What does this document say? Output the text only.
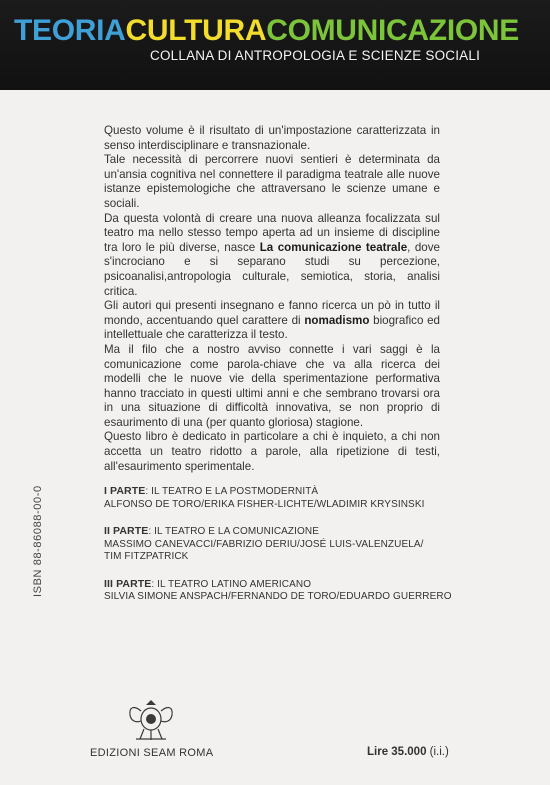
TEORIACULTURACOMUNICAZIONE
COLLANA DI ANTROPOLOGIA E SCIENZE SOCIALI

Questo volume è il risultato di un'impostazione caratterizzata in senso interdisciplinare e transnazionale.

Tale necessità di percorrere nuovi sentieri è determinata da un'ansia cognitiva nel connettere il paradigma teatrale alle nuove istanze epistemologiche che attraversano le scienze umane e sociali.

Da questa volontà di creare una nuova alleanza focalizzata sul teatro ma nello stesso tempo aperta ad un insieme di discipline tra loro le più diverse, nasce La comunicazione teatrale, dove s'incrociano e si separano studi su percezione, psicoanalisi,antropologia culturale, semiotica, storia, analisi critica.

Gli autori qui presenti insegnano e fanno ricerca un pò in tutto il mondo, accentuando quel carattere di nomadismo biografico ed intellettuale che caratterizza il testo.

Ma il filo che a nostro avviso connette i vari saggi è la comunicazione come parola-chiave che va alla ricerca dei modelli che le nuove vie della sperimentazione performativa hanno tracciato in questi ultimi anni e che sembrano trovarsi ora in una situazione di difficoltà innovativa, se non proprio di esaurimento di una (per quanto gloriosa) stagione.

Questo libro è dedicato in particolare a chi è inquieto, a chi non accetta un teatro ridotto a parole, alla ripetizione di testi, all'esaurimento sperimentale.

ISBN 88-86088-00-0	I PARTE: IL TEATRO E LA POSTMODERNITÀ
ALFONSO DE TORO/ERIKA FISHER-LICHTE/WLADIMIR KRYSINSKI
II PARTE: IL TEATRO E LA COMUNICAZIONE
MASSIMO CANEVACCI/FABRIZIO DERIU/JOSÉ LUIS-VALENZUELA/
TIM FITZPATRICK
III PARTE: IL TEATRO LATINO AMERICANO
SILVIA SIMONE ANSPACH/FERNANDO DE TORO/EDUARDO GUERRERO
EDIZIONI SEAM ROMA	Lire 35.000 (i.i.)
